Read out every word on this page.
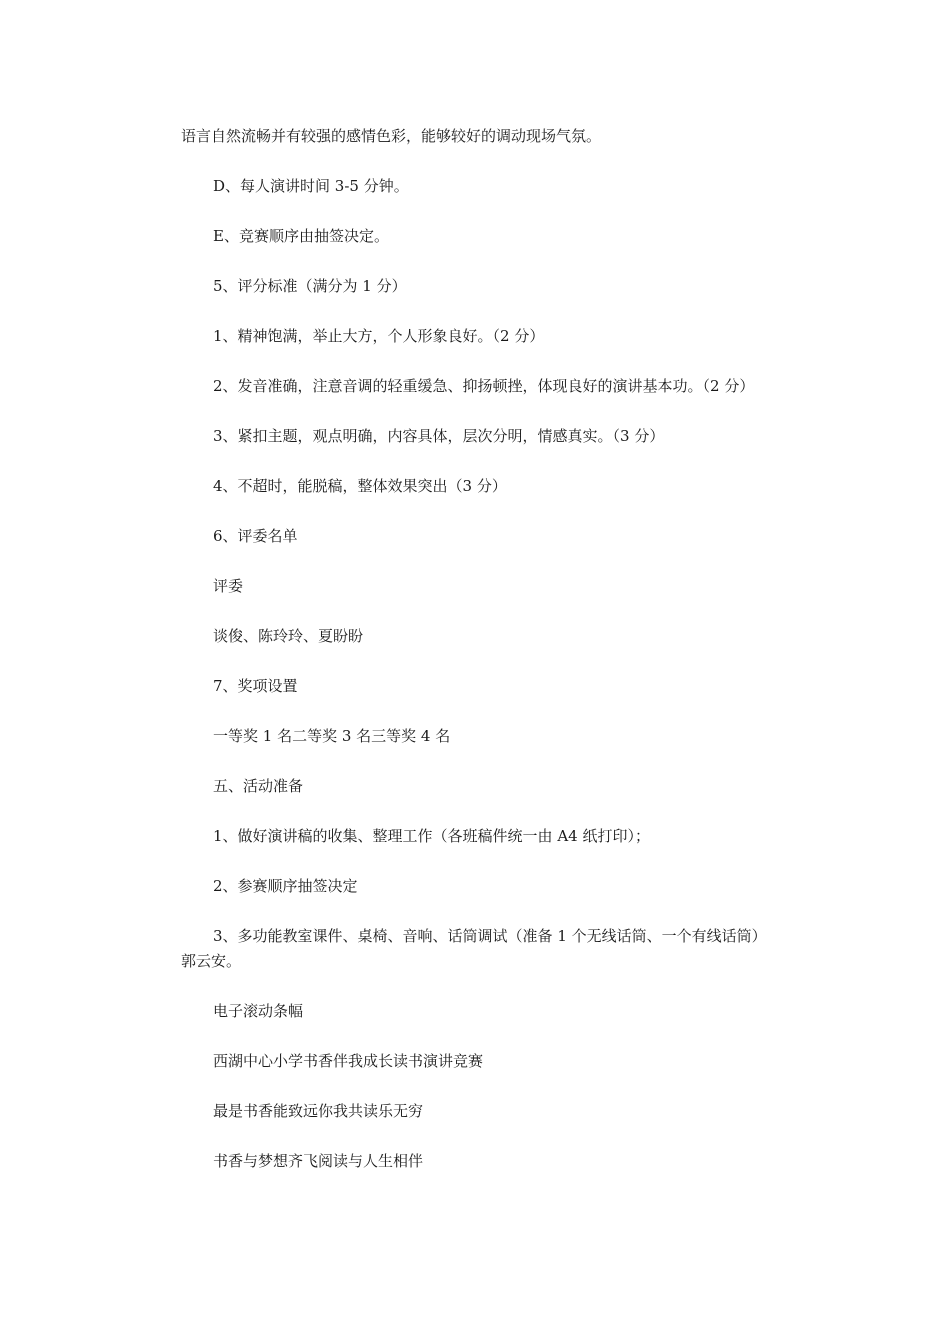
语言自然流畅并有较强的感情色彩，能够较好的调动现场气氛。

D、每人演讲时间 3-5 分钟。

E、竞赛顺序由抽签决定。

5、评分标准（满分为 1 分）

1、精神饱满，举止大方，个人形象良好。（2 分）

2、发音准确，注意音调的轻重缓急、抑扬顿挫，体现良好的演讲基本功。（2 分）

3、紧扣主题，观点明确，内容具体，层次分明，情感真实。（3 分）

4、不超时，能脱稿，整体效果突出（3 分）

6、评委名单

评委

谈俊、陈玲玲、夏盼盼

7、奖项设置

一等奖 1 名二等奖 3 名三等奖 4 名

五、活动准备

1、做好演讲稿的收集、整理工作（各班稿件统一由 A4 纸打印）；

2、参赛顺序抽签决定

3、多功能教室课件、桌椅、音响、话筒调试（准备 1 个无线话筒、一个有线话筒）郭云安。

电子滚动条幅

西湖中心小学书香伴我成长读书演讲竞赛

最是书香能致远你我共读乐无穷

书香与梦想齐飞阅读与人生相伴
